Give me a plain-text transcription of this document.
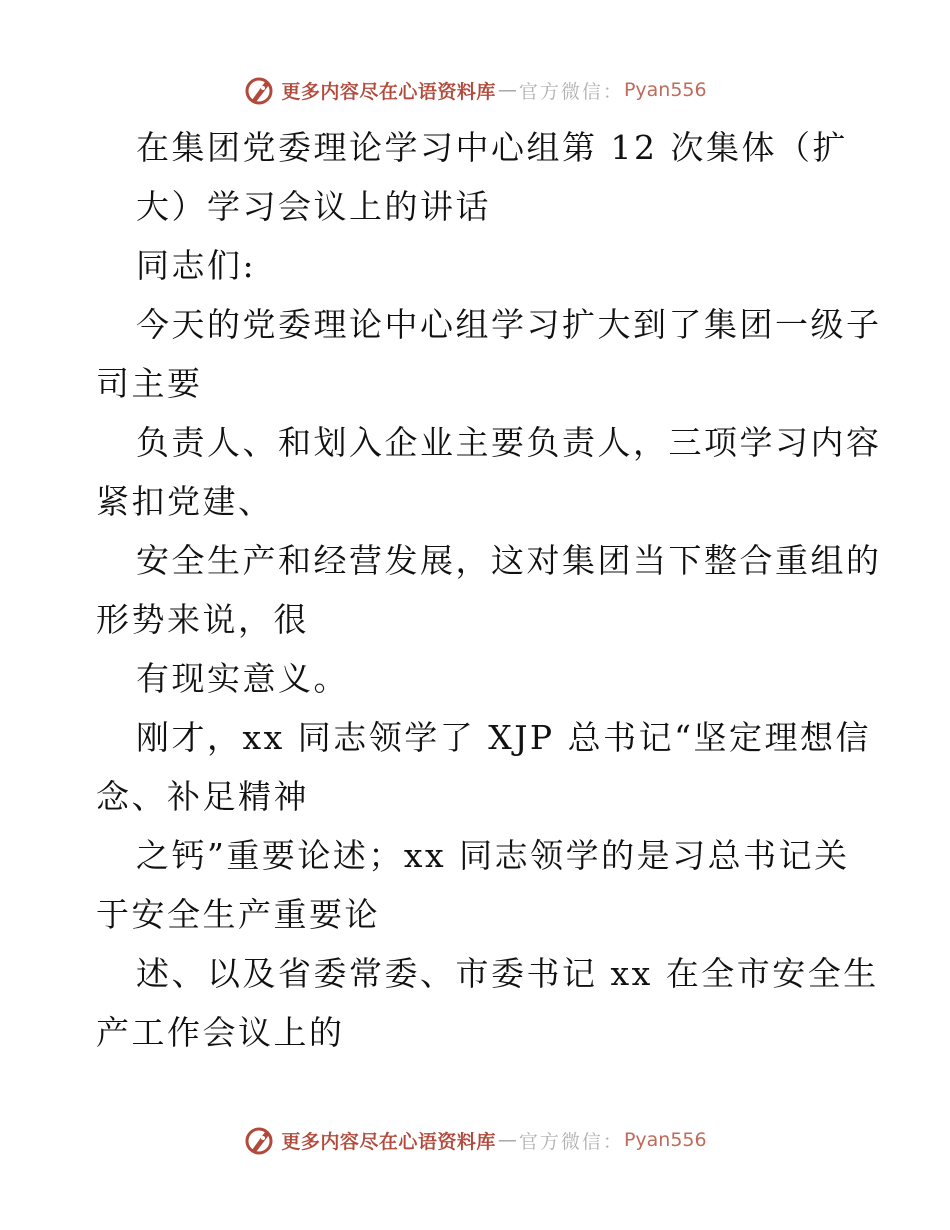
更多内容尽在心语资料库 — 官方微信： Pyan556
在集团党委理论学习中心组第 12 次集体（扩
大）学习会议上的讲话
同志们:
今天的党委理论中心组学习扩大到了集团一级子
司主要
负责人、和划入企业主要负责人，三项学习内容
紧扣党建、
安全生产和经营发展，这对集团当下整合重组的
形势来说，很
有现实意义。
刚才，xx 同志领学了 XJP 总书记“坚定理想信
念、补足精神
之钙”重要论述；xx 同志领学的是习总书记关
于安全生产重要论
述、以及省委常委、市委书记 xx 在全市安全生
产工作会议上的
更多内容尽在心语资料库 — 官方微信： Pyan556
